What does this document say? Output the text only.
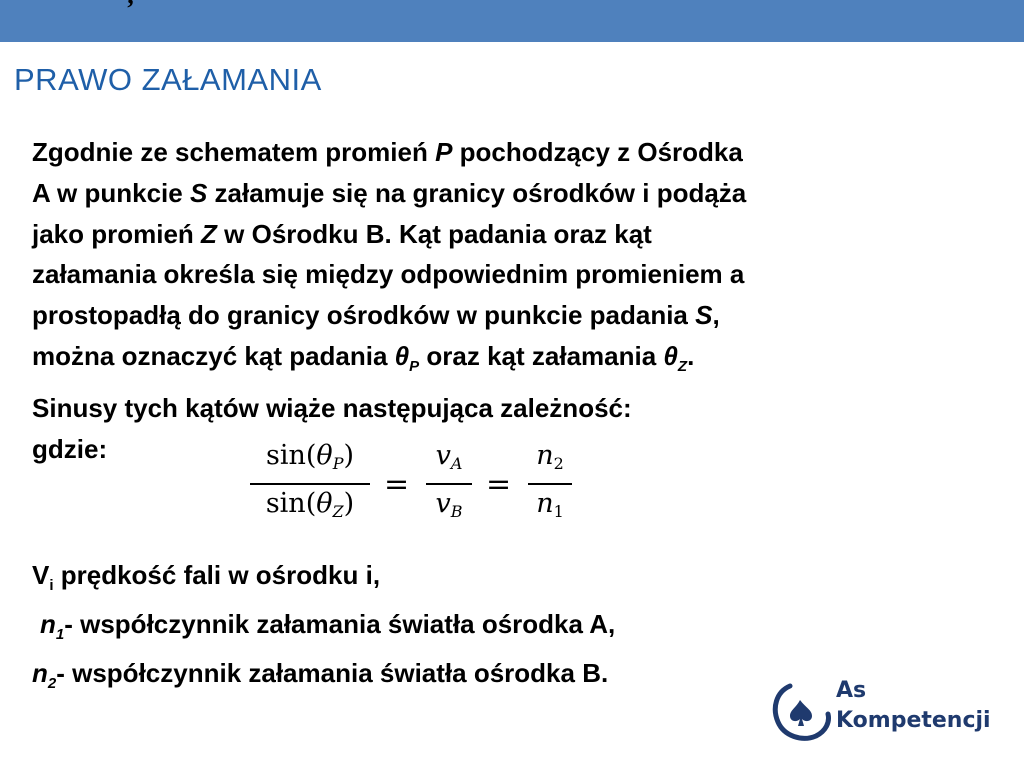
’
PRAWO ZAŁAMANIA

Zgodnie ze schematem promień P pochodzący z Ośrodka

A w punkcie S załamuje się na granicy ośrodków i podąża

jako promień Z w Ośrodku B. Kąt padania oraz kąt

załamania określa się między odpowiednim promieniem a

prostopadłą do granicy ośrodków w punkcie padania S,

można oznaczyć kąt padania $\theta_P$ oraz kąt załamania $\theta_Z$.

Sinusy tych kątów wiąże następująca zależność:

gdzie:	sin(θP)
sin(θZ)
=
vA
vB
=
n2
n1
$V_i$ prędkość fali w ośrodku i,
$n_1-$ współczynnik załamania światła ośrodka A,
$n_2-$ współczynnik załamania światła ośrodka B.
As
Kompetencji
